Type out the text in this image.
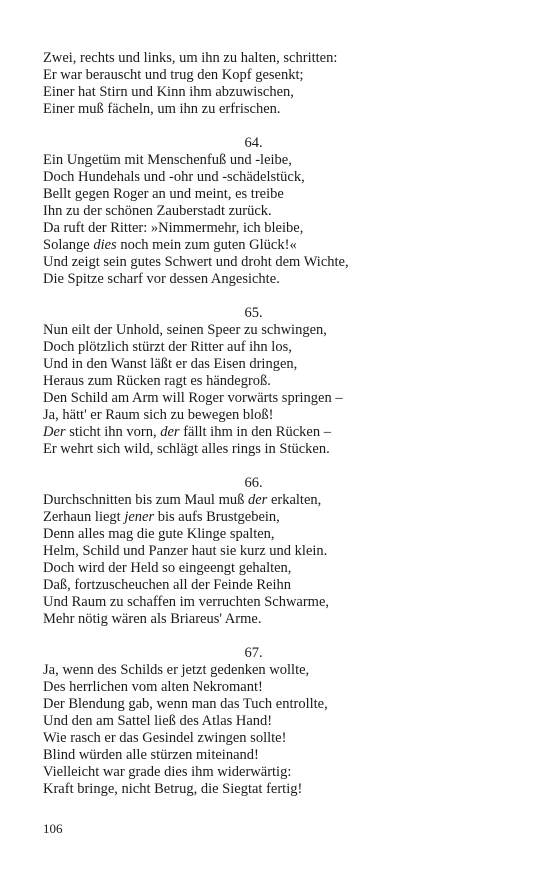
Zwei, rechts und links, um ihn zu halten, schritten:
Er war berauscht und trug den Kopf gesenkt;
Einer hat Stirn und Kinn ihm abzuwischen,
Einer muß fächeln, um ihn zu erfrischen.
64.
Ein Ungetüm mit Menschenfuß und -leibe,
Doch Hundehals und -ohr und -schädelstück,
Bellt gegen Roger an und meint, es treibe
Ihn zu der schönen Zauberstadt zurück.
Da ruft der Ritter: »Nimmermehr, ich bleibe,
Solange dies noch mein zum guten Glück!«
Und zeigt sein gutes Schwert und droht dem Wichte,
Die Spitze scharf vor dessen Angesichte.
65.
Nun eilt der Unhold, seinen Speer zu schwingen,
Doch plötzlich stürzt der Ritter auf ihn los,
Und in den Wanst läßt er das Eisen dringen,
Heraus zum Rücken ragt es händegroß.
Den Schild am Arm will Roger vorwärts springen –
Ja, hätt' er Raum sich zu bewegen bloß!
Der sticht ihn vorn, der fällt ihm in den Rücken –
Er wehrt sich wild, schlägt alles rings in Stücken.
66.
Durchschnitten bis zum Maul muß der erkalten,
Zerhaun liegt jener bis aufs Brustgebein,
Denn alles mag die gute Klinge spalten,
Helm, Schild und Panzer haut sie kurz und klein.
Doch wird der Held so eingeengt gehalten,
Daß, fortzuscheuchen all der Feinde Reihn
Und Raum zu schaffen im verruchten Schwarme,
Mehr nötig wären als Briareus' Arme.
67.
Ja, wenn des Schilds er jetzt gedenken wollte,
Des herrlichen vom alten Nekromant!
Der Blendung gab, wenn man das Tuch entrollte,
Und den am Sattel ließ des Atlas Hand!
Wie rasch er das Gesindel zwingen sollte!
Blind würden alle stürzen miteinand!
Vielleicht war grade dies ihm widerwärtig:
Kraft bringe, nicht Betrug, die Siegtat fertig!
106
